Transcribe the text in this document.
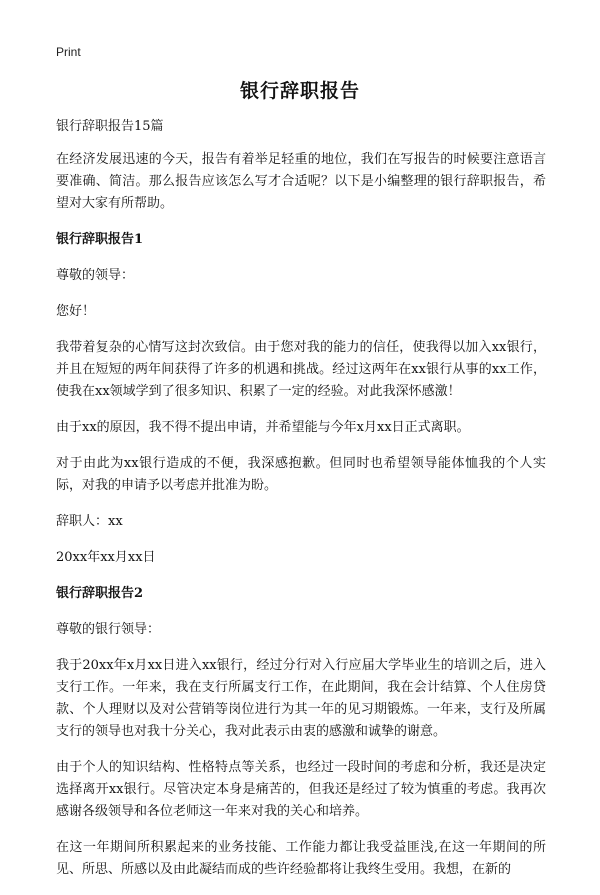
Print
银行辞职报告

银行辞职报告15篇

在经济发展迅速的今天，报告有着举足轻重的地位，我们在写报告的时候要注意语言要准确、简洁。那么报告应该怎么写才合适呢？以下是小编整理的银行辞职报告，希望对大家有所帮助。

银行辞职报告1

尊敬的领导：

您好！

我带着复杂的心情写这封次致信。由于您对我的能力的信任，使我得以加入xx银行，并且在短短的两年间获得了许多的机遇和挑战。经过这两年在xx银行从事的xx工作，使我在xx领域学到了很多知识、积累了一定的经验。对此我深怀感激！

由于xx的原因，我不得不提出申请，并希望能与今年x月xx日正式离职。

对于由此为xx银行造成的不便，我深感抱歉。但同时也希望领导能体恤我的个人实际，对我的申请予以考虑并批准为盼。

辞职人：xx

20xx年xx月xx日

银行辞职报告2

尊敬的银行领导：

我于20xx年x月xx日进入xx银行，经过分行对入行应届大学毕业生的培训之后，进入支行工作。一年来，我在支行所属支行工作，在此期间，我在会计结算、个人住房贷款、个人理财以及对公营销等岗位进行为其一年的见习期锻炼。一年来，支行及所属支行的领导也对我十分关心，我对此表示由衷的感激和诚挚的谢意。

由于个人的知识结构、性格特点等关系，也经过一段时间的考虑和分析，我还是决定选择离开xx银行。尽管决定本身是痛苦的，但我还是经过了较为慎重的考虑。我再次感谢各级领导和各位老师这一年来对我的关心和培养。

在这一年期间所积累起来的业务技能、工作能力都让我受益匪浅,在这一年期间的所见、所思、所感以及由此凝结而成的些许经验都将让我终生受用。我想，在新的
